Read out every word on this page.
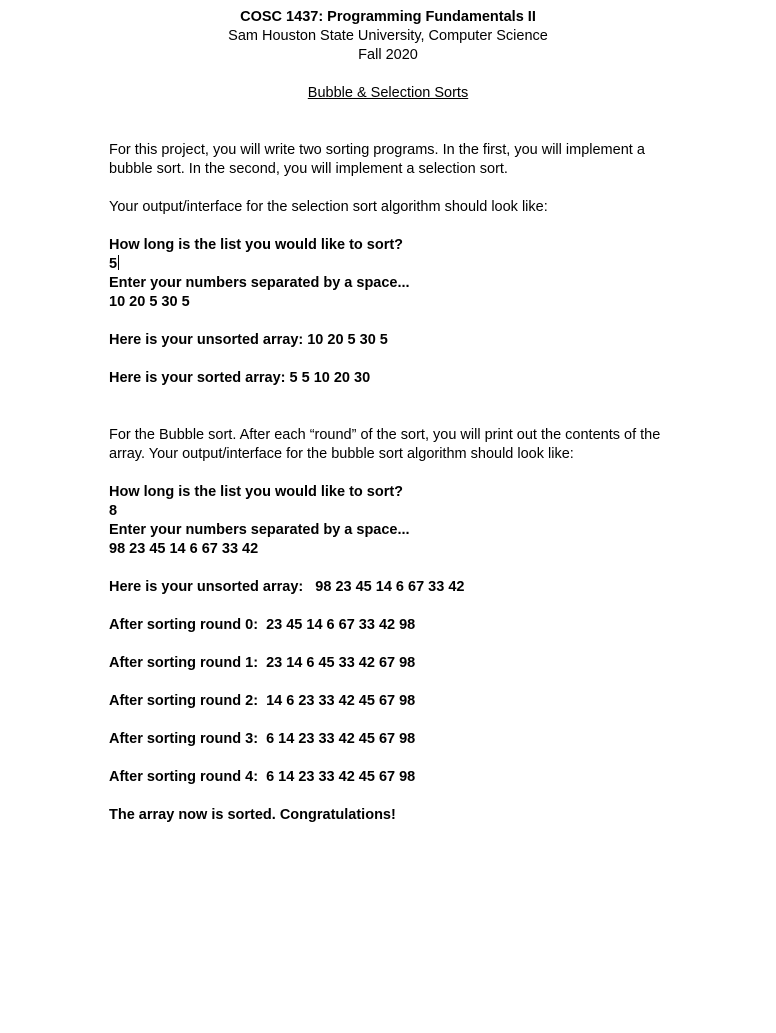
COSC 1437: Programming Fundamentals II
Sam Houston State University, Computer Science
Fall 2020
Bubble & Selection Sorts

For this project, you will write two sorting programs. In the first, you will implement a

bubble sort. In the second, you will implement a selection sort.

Your output/interface for the selection sort algorithm should look like:

How long is the list you would like to sort?

5

Enter your numbers separated by a space...

10 20 5 30 5

Here is your unsorted array: 10 20 5 30 5

Here is your sorted array: 5 5 10 20 30

For the Bubble sort. After each “round” of the sort, you will print out the contents of the

array. Your output/interface for the bubble sort algorithm should look like:

How long is the list you would like to sort?

8

Enter your numbers separated by a space...

98 23 45 14 6 67 33 42

Here is your unsorted array:   98 23 45 14 6 67 33 42

After sorting round 0:  23 45 14 6 67 33 42 98

After sorting round 1:  23 14 6 45 33 42 67 98

After sorting round 2:  14 6 23 33 42 45 67 98

After sorting round 3:  6 14 23 33 42 45 67 98

After sorting round 4:  6 14 23 33 42 45 67 98

The array now is sorted. Congratulations!
